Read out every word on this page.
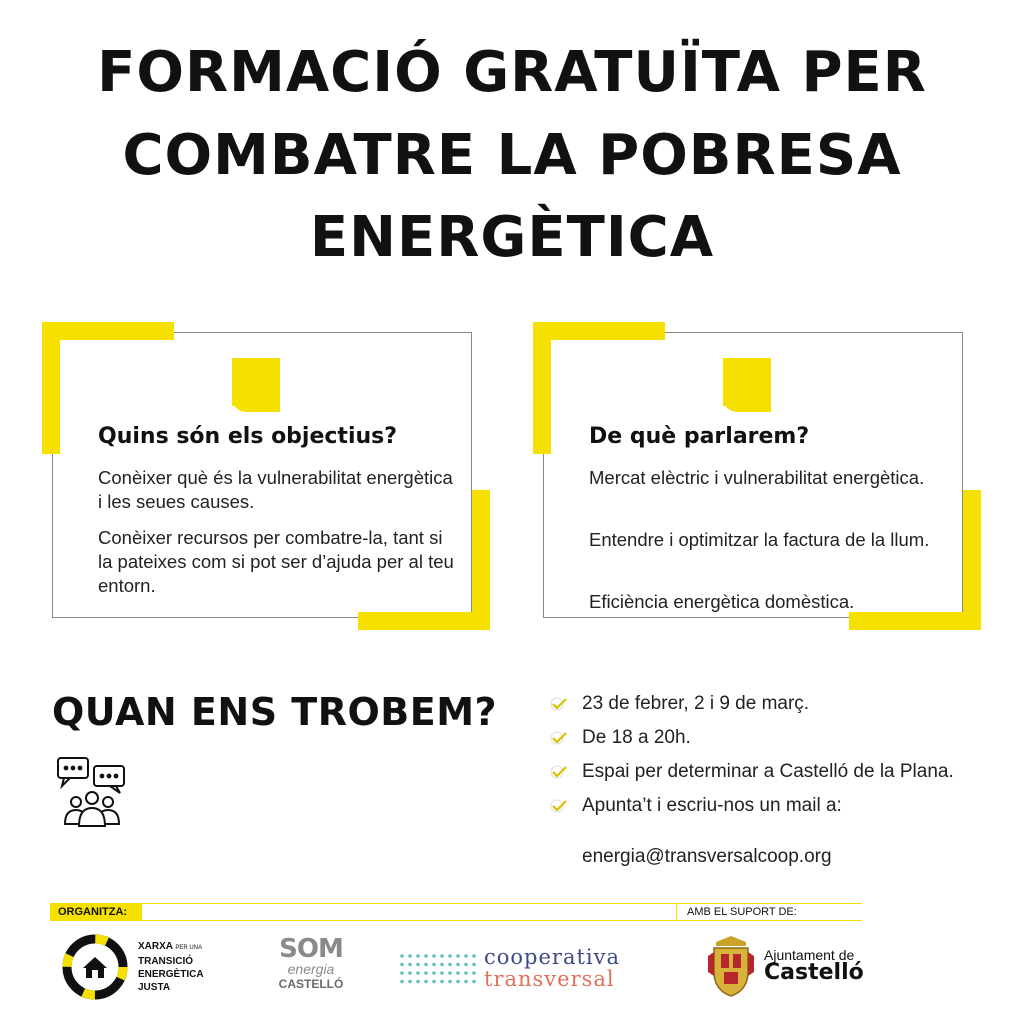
FORMACIÓ GRATUÏTA PER
COMBATRE LA POBRESA
ENERGÈTICA
Quins són els objectius?

Conèixer què és la vulnerabilitat energètica i les seues causes.

Conèixer recursos per combatre-la, tant si la pateixes com si pot ser d’ajuda per al teu entorn.

De què parlarem?

Mercat elèctric i vulnerabilitat energètica.

Entendre i optimitzar la factura de la llum.

Eficiència energètica domèstica.

QUAN ENS TROBEM?	23 de febrer, 2 i 9 de març.
De 18 a 20h.
Espai per determinar a Castelló de la Plana.
Apunta’t i escriu-nos un mail a:
energia@transversalcoop.org
ORGANITZA:	AMB EL SUPORT DE:
XARXA PER UNA
TRANSICIÓ
ENERGÈTICA
JUSTA
SOM
energia
CASTELLÓ
cooperativa
transversal
Ajuntament de
Castelló
